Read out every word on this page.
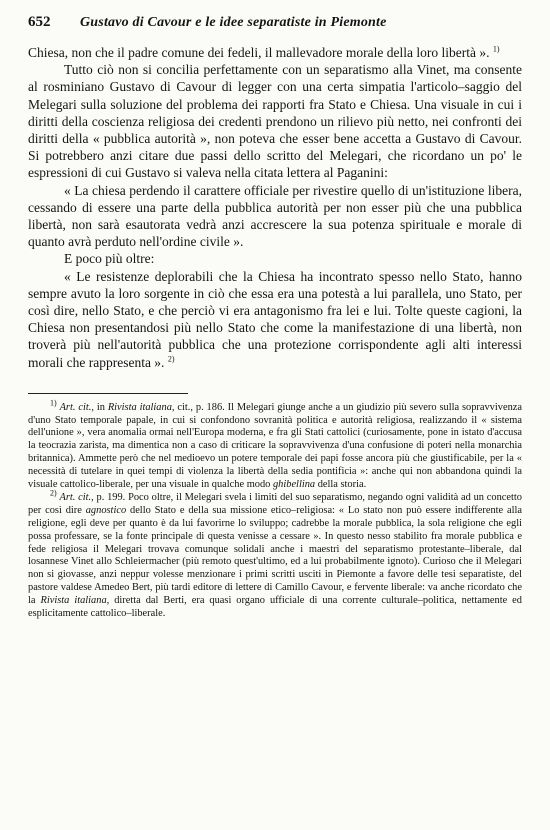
652	Gustavo di Cavour e le idee separatiste in Piemonte

Chiesa, non che il padre comune dei fedeli, il mallevadore morale della loro libertà ». $^{1)}$

Tutto ciò non si concilia perfettamente con un separatismo alla Vinet, ma consente al rosminiano Gustavo di Cavour di legger con una certa simpatia l'articolo–saggio del Melegari sulla soluzione del problema dei rapporti fra Stato e Chiesa. Una visuale in cui i diritti della coscienza religiosa dei credenti prendono un rilievo più netto, nei confronti dei diritti della « pubblica autorità », non poteva che esser bene accetta a Gustavo di Cavour. Si potrebbero anzi citare due passi dello scritto del Melegari, che ricordano un po' le espressioni di cui Gustavo si valeva nella citata lettera al Paganini:

« La chiesa perdendo il carattere officiale per rivestire quello di un'istituzione libera, cessando di essere una parte della pubblica autorità per non esser più che una pubblica libertà, non sarà esautorata vedrà anzi accrescere la sua potenza spirituale e morale di quanto avrà perduto nell'ordine civile ».

E poco più oltre:

« Le resistenze deplorabili che la Chiesa ha incontrato spesso nello Stato, hanno sempre avuto la loro sorgente in ciò che essa era una potestà a lui parallela, uno Stato, per così dire, nello Stato, e che perciò vi era antagonismo fra lei e lui. Tolte queste cagioni, la Chiesa non presentandosi più nello Stato che come la manifestazione di una libertà, non troverà più nell'autorità pubblica che una protezione corrispondente agli alti interessi morali che rappresenta ». $^{2)}$

$^{1)}$ Art. cit., in Rivista italiana, cit., p. 186. Il Melegari giunge anche a un giudizio più severo sulla sopravvivenza d'uno Stato temporale papale, in cui si confondono sovranità politica e autorità religiosa, realizzando il « sistema dell'unione », vera anomalia ormai nell'Europa moderna, e fra gli Stati cattolici (curiosamente, pone in istato d'accusa la teocrazia zarista, ma dimentica non a caso di criticare la sopravvivenza d'una confusione di poteri nella monarchia britannica). Ammette però che nel medioevo un potere temporale dei papi fosse ancora più che giustificabile, per la « necessità di tutelare in quei tempi di violenza la libertà della sedia pontificia »: anche qui non abbandona quindi la visuale cattolico-liberale, per una visuale in qualche modo ghibellina della storia.

$^{2)}$ Art. cit., p. 199. Poco oltre, il Melegari svela i limiti del suo separatismo, negando ogni validità ad un concetto per così dire agnostico dello Stato e della sua missione etico–religiosa: « Lo stato non può essere indifferente alla religione, egli deve per quanto è da lui favorirne lo sviluppo; cadrebbe la morale pubblica, la sola religione che egli possa professare, se la fonte principale di questa venisse a cessare ». In questo nesso stabilito fra morale pubblica e fede religiosa il Melegari trovava comunque solidali anche i maestri del separatismo protestante–liberale, dal losannese Vinet allo Schleiermacher (più remoto quest'ultimo, ed a lui probabilmente ignoto). Curioso che il Melegari non si giovasse, anzi neppur volesse menzionare i primi scritti usciti in Piemonte a favore delle tesi separatiste, del pastore valdese Amedeo Bert, più tardi editore di lettere di Camillo Cavour, e fervente liberale: va anche ricordato che la Rivista italiana, diretta dal Berti, era quasi organo ufficiale di una corrente culturale–politica, nettamente ed esplicitamente cattolico–liberale.
